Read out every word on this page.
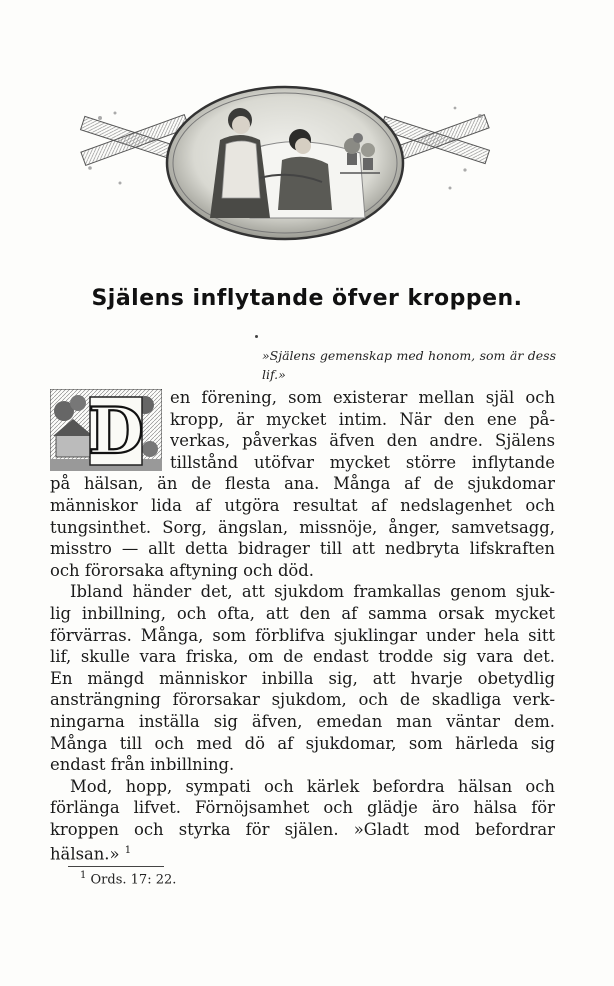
Själens inflytande öfver kroppen.
»Själens gemenskap med honom, som är dess lif.»
D en förening, som existerar mellan själ och
kropp, är mycket intim. När den ene på-
verkas, påverkas äfven den andre. Själens
tillstånd utöfvar mycket större inflytande
på hälsan, än de flesta ana. Många af de sjukdomar
människor lida af utgöra resultat af nedslagenhet och
tungsinthet. Sorg, ängslan, missnöje, ånger, samvetsagg,
misstro — allt detta bidrager till att nedbryta lifskraften
och förorsaka aftyning och död.
Ibland händer det, att sjukdom framkallas genom sjuk-
lig inbillning, och ofta, att den af samma orsak mycket
förvärras. Många, som förblifva sjuklingar under hela sitt
lif, skulle vara friska, om de endast trodde sig vara det.
En mängd människor inbilla sig, att hvarje obetydlig
ansträngning förorsakar sjukdom, och de skadliga verk-
ningarna inställa sig äfven, emedan man väntar dem.
Många till och med dö af sjukdomar, som härleda sig
endast från inbillning.
Mod, hopp, sympati och kärlek befordra hälsan och
förlänga lifvet. Förnöjsamhet och glädje äro hälsa för
kroppen och styrka för själen. »Gladt mod befordrar
hälsan.» $^1$
$^1$ Ords. 17: 22.
